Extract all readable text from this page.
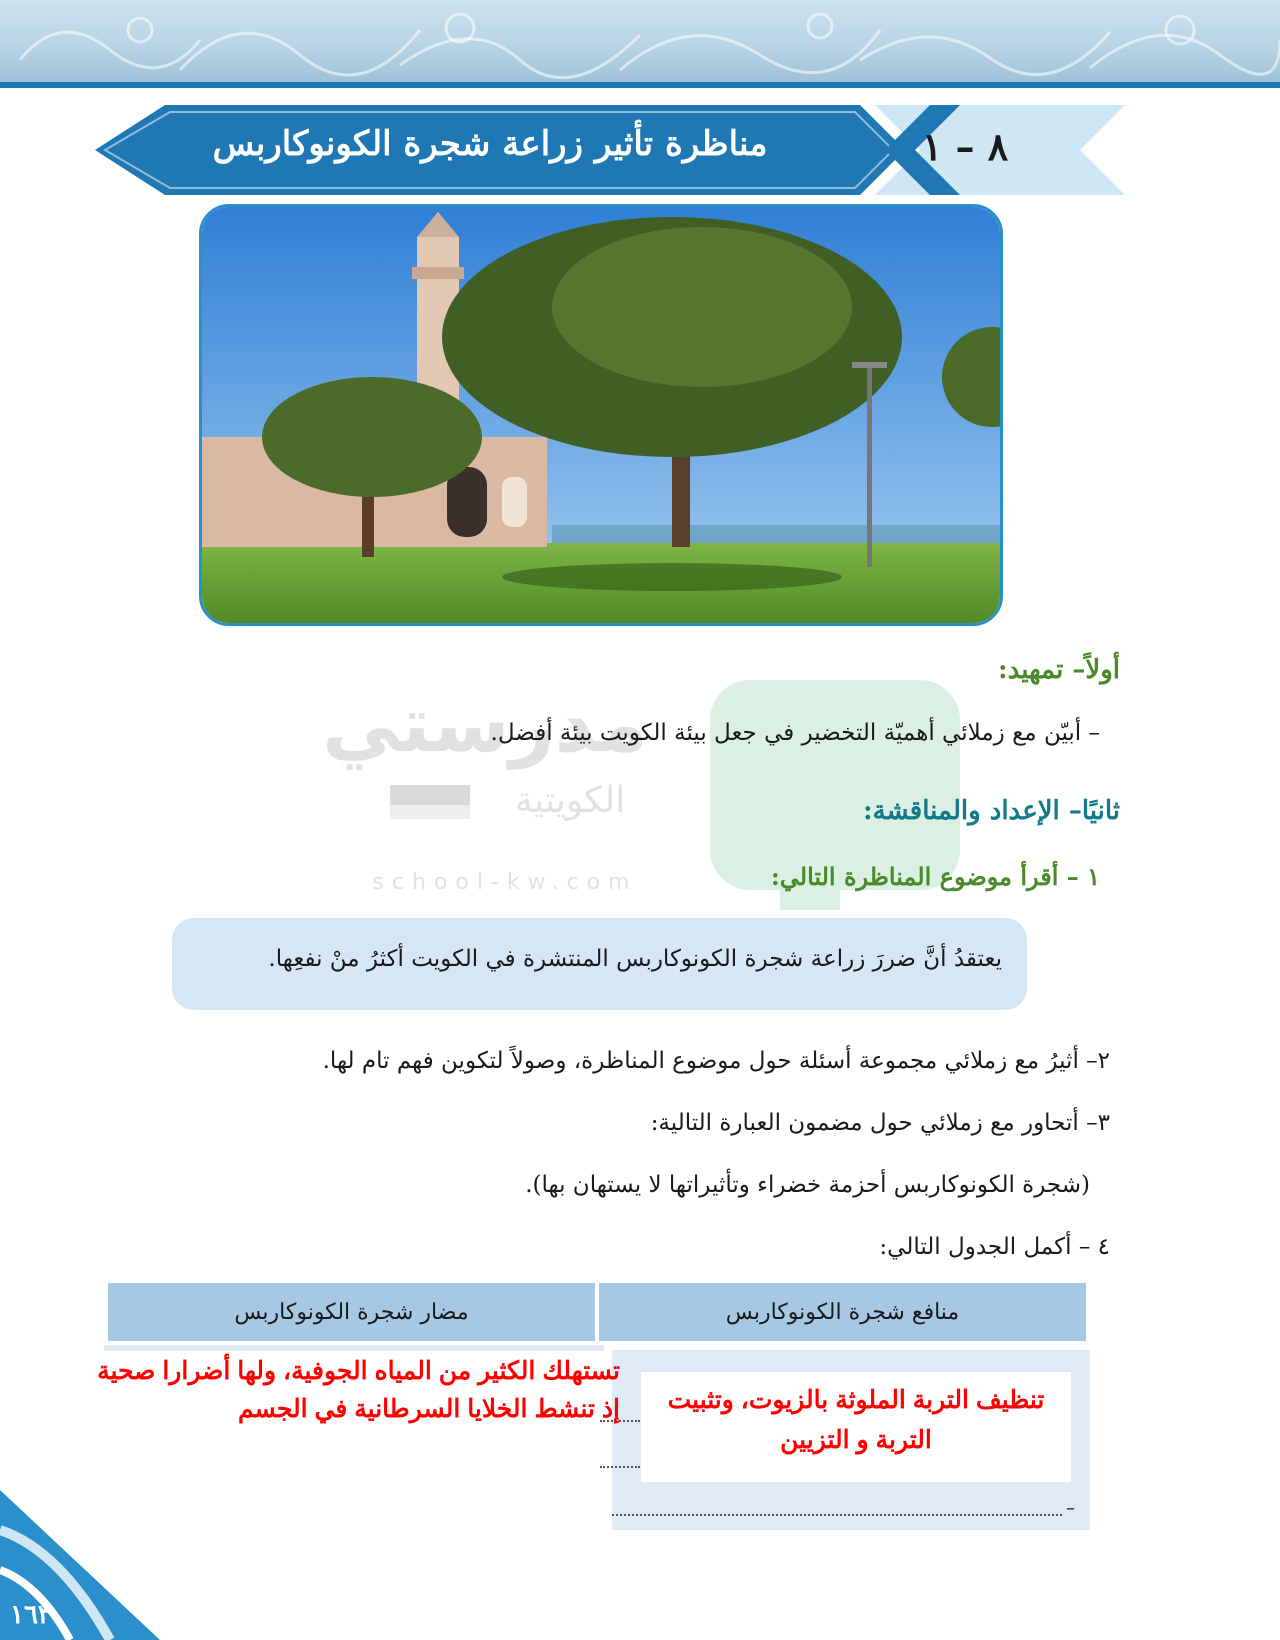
مناظرة تأثير زراعة شجرة الكونوكاربس	٨ – ١
مدرستي
الكويتية
school-kw.com
أولاً– تمهيد:
– أبيّن مع زملائي أهميّة التخضير في جعل بيئة الكويت بيئة أفضل.
ثانيًا– الإعداد والمناقشة:
١ – أقرأ موضوع المناظرة التالي:
يعتقدُ أنَّ ضررَ زراعة شجرة الكونوكاربس المنتشرة في الكويت أكثرُ منْ نفعِها.
٢– أثيرُ مع زملائي مجموعة أسئلة حول موضوع المناظرة، وصولاً لتكوين فهم تام لها.
٣– أتحاور مع زملائي حول مضمون العبارة التالية:
(شجرة الكونوكاربس أحزمة خضراء وتأثيراتها لا يستهان بها).
٤ – أكمل الجدول التالي:
مضار شجرة الكونوكاربس	منافع شجرة الكونوكاربس
–
تستهلك الكثير من المياه الجوفية، ولها أضرارا صحية إذ تنشط الخلايا السرطانية في الجسم	تنظيف التربة الملوثة بالزيوت، وتثبيت التربة و التزيين
١٦٣
